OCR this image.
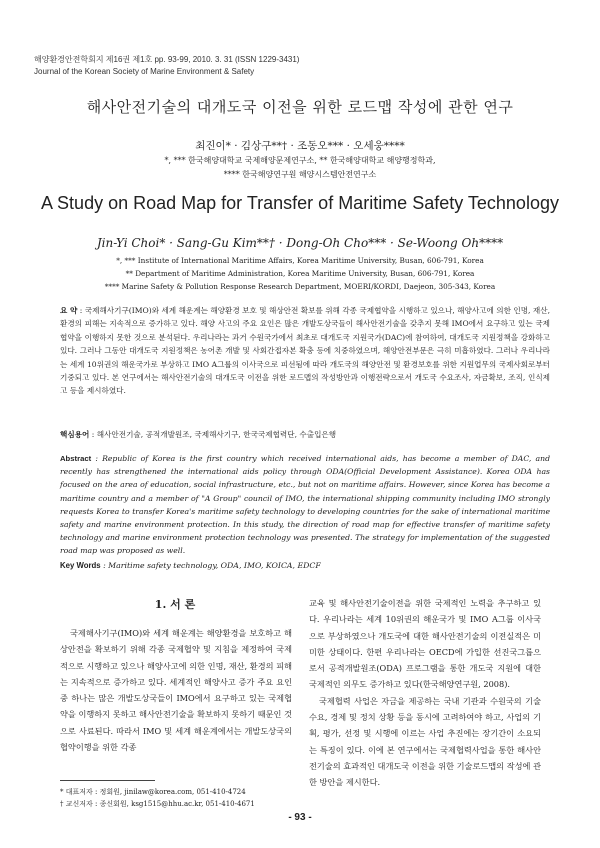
해양환경안전학회지 제16권 제1호 pp. 93-99, 2010. 3. 31 (ISSN 1229-3431)
Journal of the Korean Society of Marine Environment & Safety
해사안전기술의 대개도국 이전을 위한 로드맵 작성에 관한 연구
최진이* · 김상구**† · 조동오*** · 오세웅****
*, *** 한국해양대학교 국제해양문제연구소, ** 한국해양대학교 해양행정학과,
**** 한국해양연구원 해양시스템안전연구소
A Study on Road Map for Transfer of Maritime Safety Technology
Jin-Yi Choi* · Sang-Gu Kim**† · Dong-Oh Cho*** · Se-Woong Oh****
*, *** Institute of International Maritime Affairs, Korea Maritime University, Busan, 606-791, Korea
** Department of Maritime Administration, Korea Maritime University, Busan, 606-791, Korea
**** Marine Safety & Pollution Response Research Department, MOERI/KORDI, Daejeon, 305-343, Korea
요 약 : 국제해사기구(IMO)와 세계 해운계는 해양환경 보호 및 해상안전 확보를 위해 각종 국제협약을 시행하고 있으나, 해양사고에 의한 인명, 재산, 환경의 피해는 지속적으로 증가하고 있다. 해양 사고의 주요 요인은 많은 개발도상국들이 해사안전기술을 갖추지 못해 IMO에서 요구하고 있는 국제협약을 이행하지 못한 것으로 분석된다. 우리나라는 과거 수원국가에서 최초로 대개도국 지원국가(DAC)에 참여하여, 대개도국 지원정책을 강화하고 있다. 그러나 그동안 대개도국 지원정책은 농어촌 개발 및 사회간접자본 확충 등에 치중하였으며, 해양안전부문은 극히 미흡하였다. 그러나 우리나라는 세계 10위권의 해운국가로 부상하고 IMO A그룹의 이사국으로 피선됨에 따라 개도국의 해양안전 및 환경보호를 위한 지원업무의 국제사회로부터 기중되고 있다. 본 연구에서는 해사안전기술의 대개도국 이전을 위한 로드맵의 작성방안과 이행전략으로서 개도국 수요조사, 자금확보, 조직, 인식제고 등을 제시하였다.
핵심용어 : 해사안전기술, 공적개발원조, 국제해사기구, 한국국제협력단, 수출입은행
Abstract : Republic of Korea is the first country which received international aids, has become a member of DAC, and recently has strengthened the international aids policy through ODA(Official Development Assistance). Korea ODA has focused on the area of education, social infrastructure, etc., but not on maritime affairs. However, since Korea has become a maritime country and a member of "A Group" council of IMO, the international shipping community including IMO strongly requests Korea to transfer Korea's maritime safety technology to developing countries for the sake of international maritime safety and marine environment protection. In this study, the direction of road map for effective transfer of maritime safety technology and marine environment protection technology was presented. The strategy for implementation of the suggested road map was proposed as well.
Key Words : Maritime safety technology, ODA, IMO, KOICA, EDCF
1. 서 론
국제해사기구(IMO)와 세계 해운계는 해양환경을 보호하고 해상안전을 확보하기 위해 각종 국제협약 및 지침을 제정하여 국제적으로 시행하고 있으나 해양사고에 의한 인명, 재산, 환경의 피해는 지속적으로 증가하고 있다. 세계적인 해양사고 증가 주요 요인 중 하나는 많은 개발도상국들이 IMO에서 요구하고 있는 국제협약을 이행하지 못하고 해사안전기술을 확보하지 못하기 때문인 것으로 사료된다. 따라서 IMO 및 세계 해운계에서는 개발도상국의 협약이행을 위한 각종

교육 및 해사안전기술이전을 위한 국제적인 노력을 추구하고 있다. 우리나라는 세계 10위권의 해운국가 및 IMO A그룹 이사국으로 부상하였으나 개도국에 대한 해사안전기술의 이전실적은 미미한 상태이다. 한편 우리나라는 OECD에 가입한 선진국그룹으로서 공적개발원조(ODA) 프로그램을 통한 개도국 지원에 대한 국제적인 의무도 증가하고 있다(한국해양연구원, 2008).

국제협력 사업은 자금을 제공하는 국내 기관과 수원국의 기술수요, 경제 및 정치 상황 등을 동시에 고려하여야 하고, 사업의 기획, 평가, 선정 및 시행에 이르는 사업 추진에는 장기간이 소요되는 특징이 있다. 이에 본 연구에서는 국제협력사업을 통한 해사안전기술의 효과적인 대개도국 이전을 위한 기술로드맵의 작성에 관한 방안을 제시한다.

* 대표저자 : 정회원, jinilaw@korea.com, 051-410-4724
† 교신저자 : 종신회원, ksg1515@hhu.ac.kr, 051-410-4671
- 93 -
